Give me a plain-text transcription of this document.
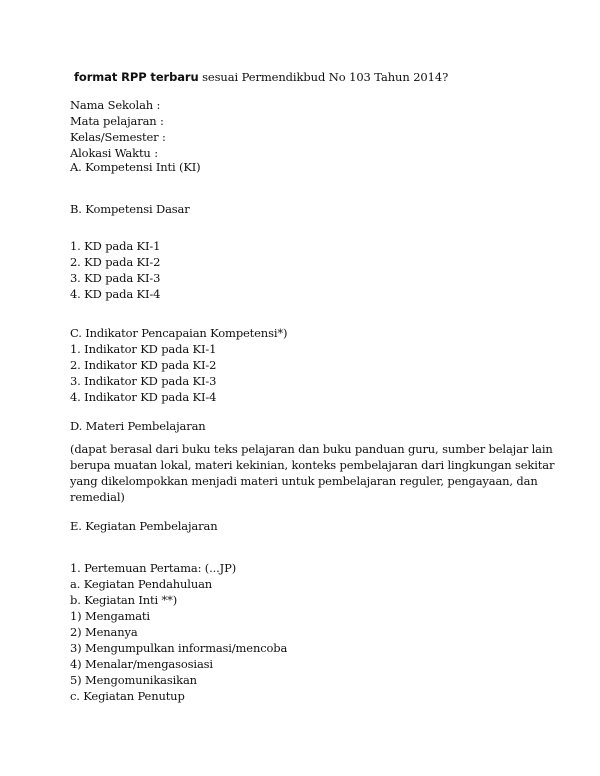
format RPP terbaru sesuai Permendikbud No 103 Tahun 2014?
Nama Sekolah :
Mata pelajaran :
Kelas/Semester :
Alokasi Waktu :
A. Kompetensi Inti (KI)
B. Kompetensi Dasar
1. KD pada KI-1
2. KD pada KI-2
3. KD pada KI-3
4. KD pada KI-4
C. Indikator Pencapaian Kompetensi*)
1. Indikator KD pada KI-1
2. Indikator KD pada KI-2
3. Indikator KD pada KI-3
4. Indikator KD pada KI-4
D. Materi Pembelajaran
(dapat berasal dari buku teks pelajaran dan buku panduan guru, sumber belajar lain
berupa muatan lokal, materi kekinian, konteks pembelajaran dari lingkungan sekitar
yang dikelompokkan menjadi materi untuk pembelajaran reguler, pengayaan, dan
remedial)
E. Kegiatan Pembelajaran
1. Pertemuan Pertama: (...JP)
a. Kegiatan Pendahuluan
b. Kegiatan Inti **)
1) Mengamati
2) Menanya
3) Mengumpulkan informasi/mencoba
4) Menalar/mengasosiasi
5) Mengomunikasikan
c. Kegiatan Penutup
